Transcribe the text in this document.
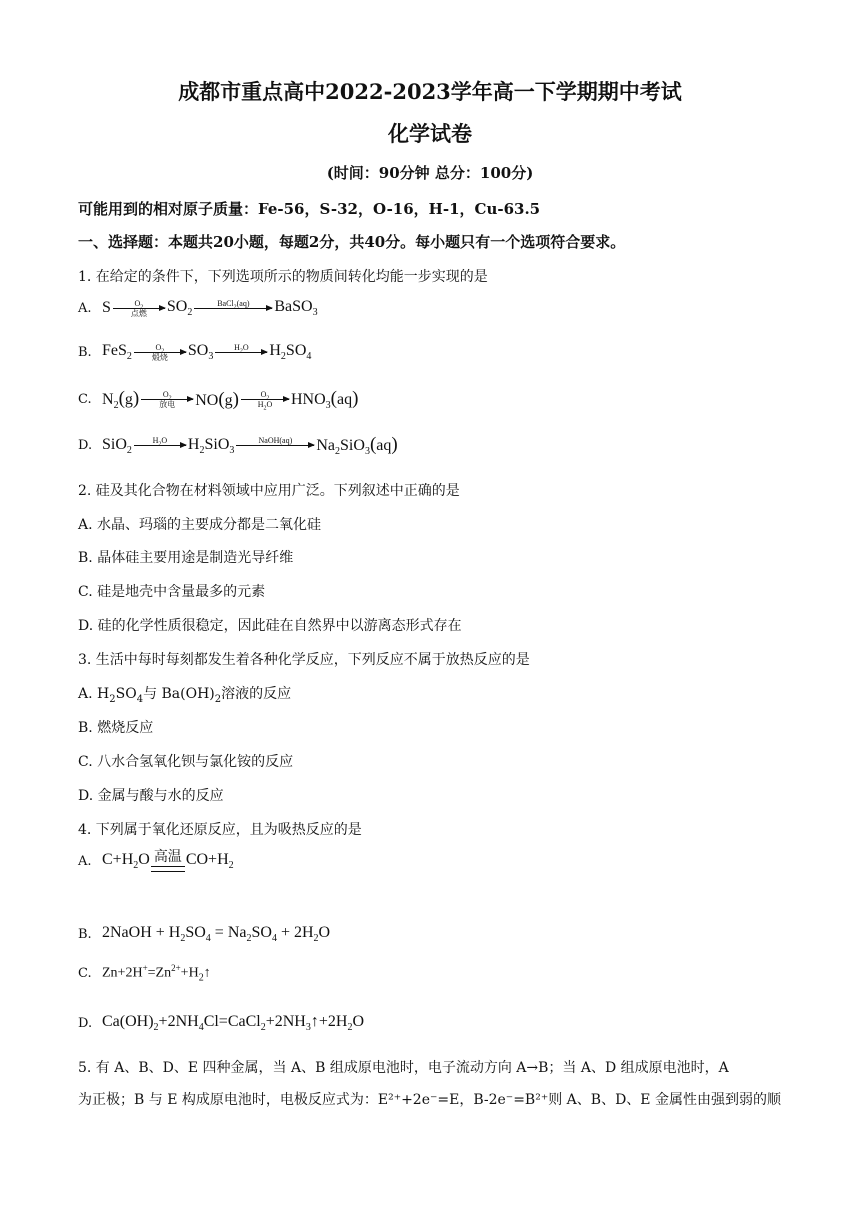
成都市重点高中2022-2023学年高一下学期期中考试
化学试卷
(时间：90分钟 总分：100分)
可能用到的相对原子质量：Fe-56，S-32，O-16，H-1，Cu-63.5
一、选择题：本题共20小题，每题2分，共40分。每小题只有一个选项符合要求。
1. 在给定的条件下，下列选项所示的物质间转化均能一步实现的是
A. S	O
点燃 $SO_2$
BaCl (aq) BaSO$_3$
B. FeS$_2$
O
煅烧 $SO_3$
H O $H_2SO_4$
C. $N_2(g)$	O
放电 NO(g)	O
$H_2O$ $HNO_3(aq)$
D. SiO$_2$
H O $H_2SiO_3$
NaOH(aq) $Na_2SiO_3(aq)$
2. 硅及其化合物在材料领域中应用广泛。下列叙述中正确的是
A. 水晶、玛瑙的主要成分都是二氧化硅
B. 晶体硅主要用途是制造光导纤维
C. 硅是地壳中含量最多的元素
D. 硅的化学性质很稳定，因此硅在自然界中以游离态形式存在
3. 生活中每时每刻都发生着各种化学反应，下列反应不属于放热反应的是
A. $H_2SO_4$与 $Ba(OH)_2$溶液的反应
B. 燃烧反应
C. 八水合氢氧化钡与氯化铵的反应
D. 金属与酸与水的反应
4. 下列属于氧化还原反应，且为吸热反应的是
A. $C+H_2O$ 高温 $CO+H_2$
B. 2NaOH + $H_2SO_4 = Na_2SO_4 + 2H_2O$
C. $Zn+2H^+=Zn^{2+}+H_2↑$
D. $Ca(OH)_2+2NH_4Cl=CaCl_2+2NH_3↑+2H_2O$
5. 有 A、B、D、E 四种金属，当 A、B 组成原电池时，电子流动方向 A→B；当 A、D 组成原电池时，A
为正极；B 与 E 构成原电池时，电极反应式为：E²⁺+2e⁻=E，B-2e⁻=B²⁺则 A、B、D、E 金属性由强到弱的顺
